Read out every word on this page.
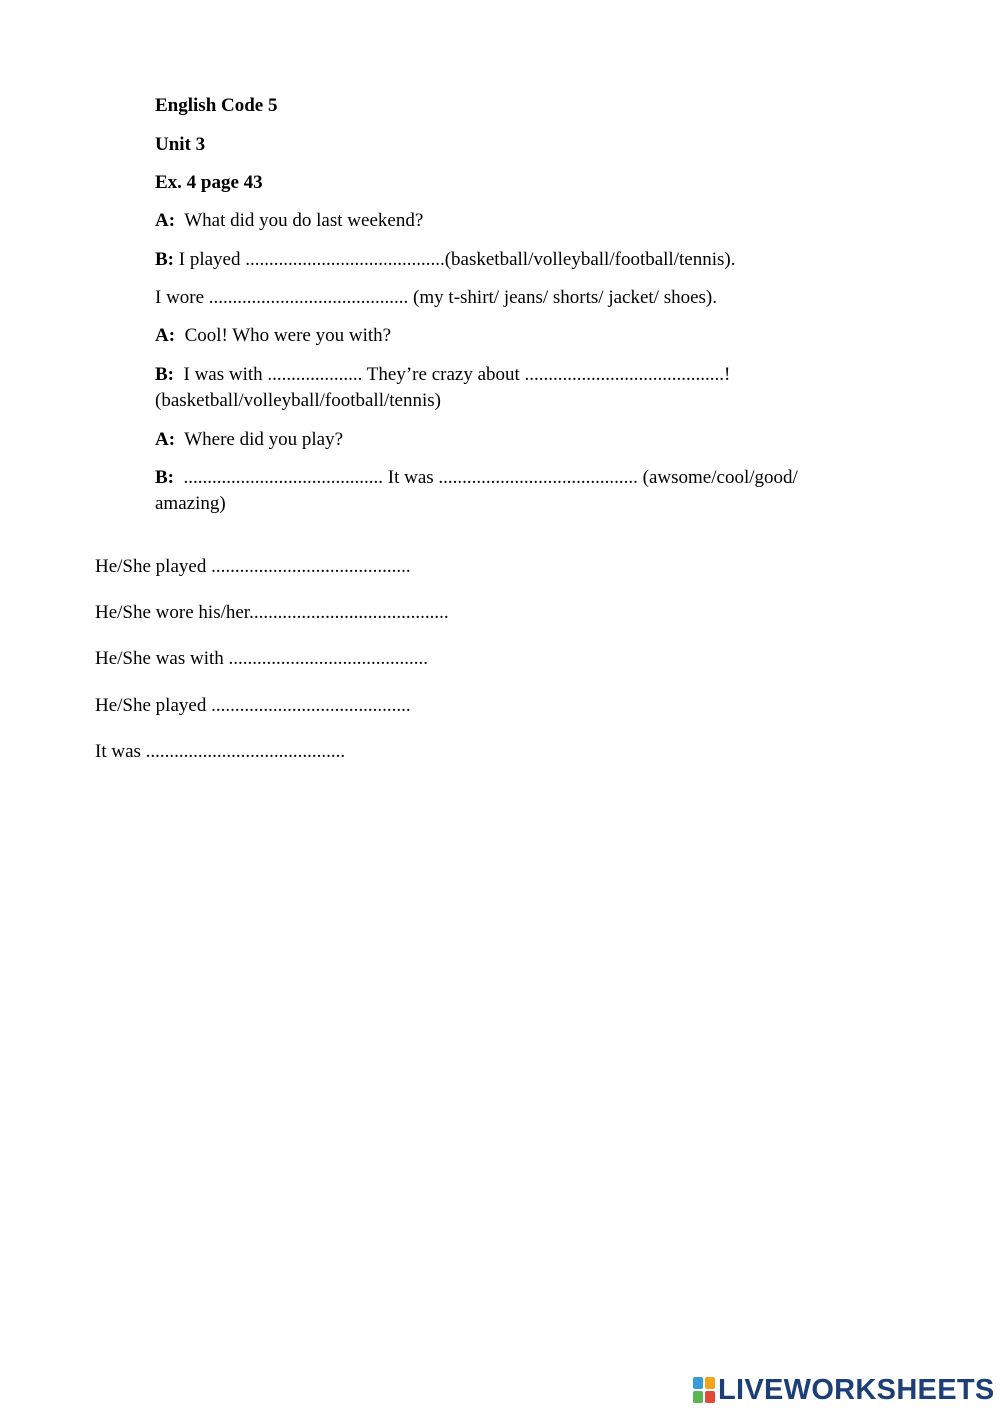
English Code 5
Unit 3
Ex. 4 page 43
A: What did you do last weekend?
B: I played ..........................................(basketball/volleyball/football/tennis).
I wore .......................................... (my t-shirt/ jeans/ shorts/ jacket/ shoes).
A: Cool! Who were you with?
B: I was with .................... They’re crazy about ..........................................! (basketball/volleyball/football/tennis)
A: Where did you play?
B: .......................................... It was .......................................... (awsome/cool/good/ amazing)
He/She played ..........................................
He/She wore his/her..........................................
He/She was with ..........................................
He/She played ..........................................
It was ..........................................
LIVEWORKSHEETS
